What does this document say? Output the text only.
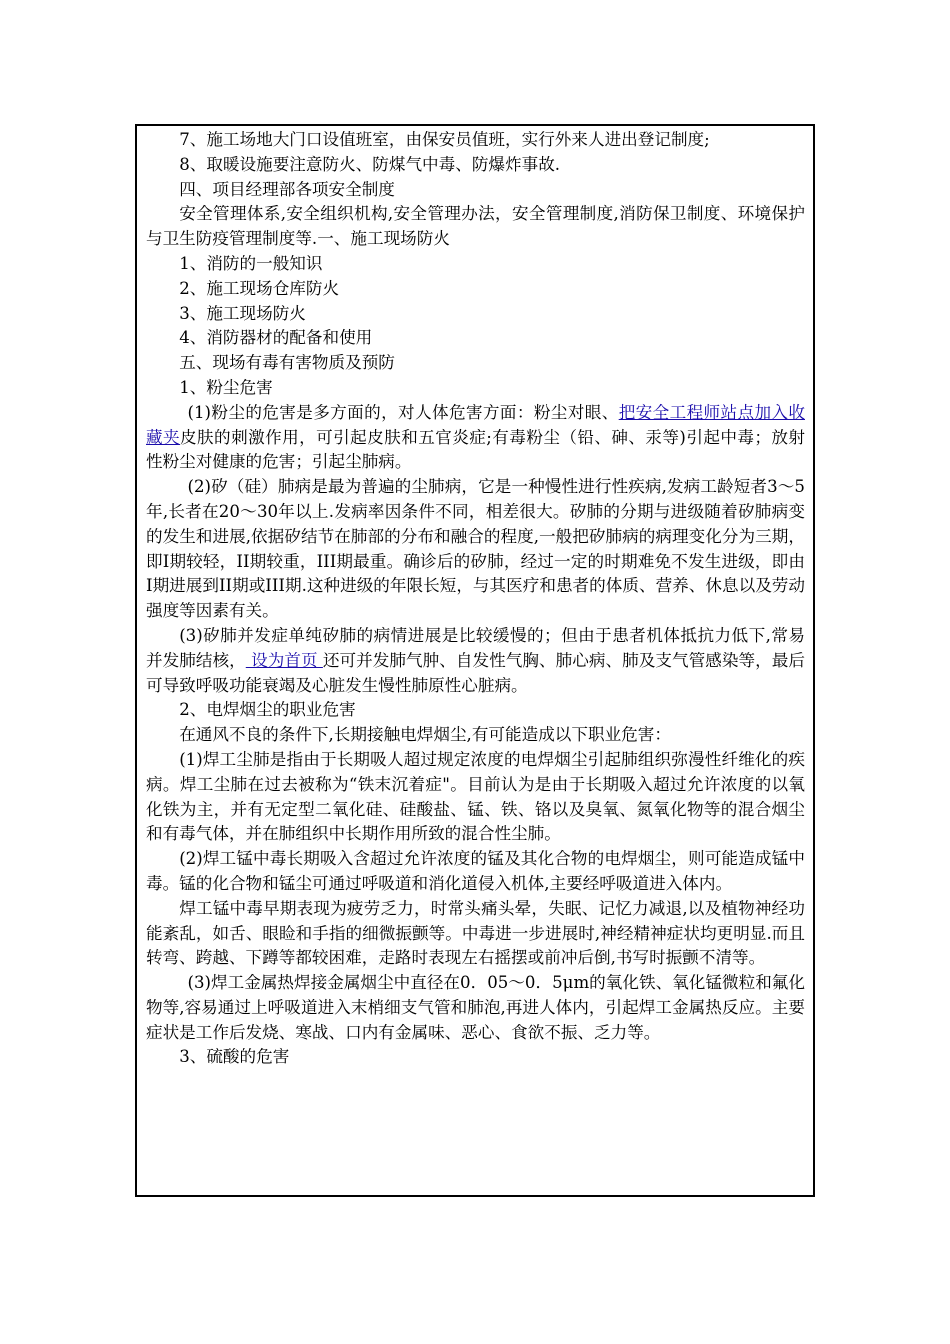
7、施工场地大门口设值班室，由保安员值班，实行外来人进出登记制度;

8、取暖设施要注意防火、防煤气中毒、防爆炸事故.

四、项目经理部各项安全制度

安全管理体系,安全组织机构,安全管理办法，安全管理制度,消防保卫制度、环境保护与卫生防疫管理制度等.一、施工现场防火

1、消防的一般知识

2、施工现场仓库防火

3、施工现场防火

4、消防器材的配备和使用

五、现场有毒有害物质及预防

1、粉尘危害

(1)粉尘的危害是多方面的，对人体危害方面：粉尘对眼、把安全工程师站点加入收藏夹皮肤的刺激作用，可引起皮肤和五官炎症;有毒粉尘（铅、砷、汞等)引起中毒；放射性粉尘对健康的危害；引起尘肺病。

(2)矽（硅）肺病是最为普遍的尘肺病，它是一种慢性进行性疾病,发病工龄短者3～5年,长者在20～30年以上.发病率因条件不同，相差很大。矽肺的分期与进级随着矽肺病变的发生和进展,依据矽结节在肺部的分布和融合的程度,一般把矽肺病的病理变化分为三期，即I期较轻，II期较重，III期最重。确诊后的矽肺，经过一定的时期难免不发生进级，即由I期进展到II期或III期.这种进级的年限长短，与其医疗和患者的体质、营养、休息以及劳动强度等因素有关。

(3)矽肺并发症单纯矽肺的病情进展是比较缓慢的；但由于患者机体抵抗力低下,常易并发肺结核， 设为首页 还可并发肺气肿、自发性气胸、肺心病、肺及支气管感染等，最后可导致呼吸功能衰竭及心脏发生慢性肺原性心脏病。

2、电焊烟尘的职业危害

在通风不良的条件下,长期接触电焊烟尘,有可能造成以下职业危害：

(1)焊工尘肺是指由于长期吸人超过规定浓度的电焊烟尘引起肺组织弥漫性纤维化的疾病。焊工尘肺在过去被称为“铁末沉着症"。目前认为是由于长期吸入超过允许浓度的以氧化铁为主，并有无定型二氧化硅、硅酸盐、锰、铁、铬以及臭氧、氮氧化物等的混合烟尘和有毒气体，并在肺组织中长期作用所致的混合性尘肺。

(2)焊工锰中毒长期吸入含超过允许浓度的锰及其化合物的电焊烟尘，则可能造成锰中毒。锰的化合物和锰尘可通过呼吸道和消化道侵入机体,主要经呼吸道进入体内。

焊工锰中毒早期表现为疲劳乏力，时常头痛头晕，失眠、记忆力减退,以及植物神经功能紊乱，如舌、眼睑和手指的细微振颤等。中毒进一步进展时,神经精神症状均更明显.而且转弯、跨越、下蹲等都较困难，走路时表现左右摇摆或前冲后倒,书写时振颤不清等。

(3)焊工金属热焊接金属烟尘中直径在0．05～0．5μm的氧化铁、氧化锰微粒和氟化物等,容易通过上呼吸道进入末梢细支气管和肺泡,再进人体内，引起焊工金属热反应。主要症状是工作后发烧、寒战、口内有金属味、恶心、食欲不振、乏力等。

3、硫酸的危害
